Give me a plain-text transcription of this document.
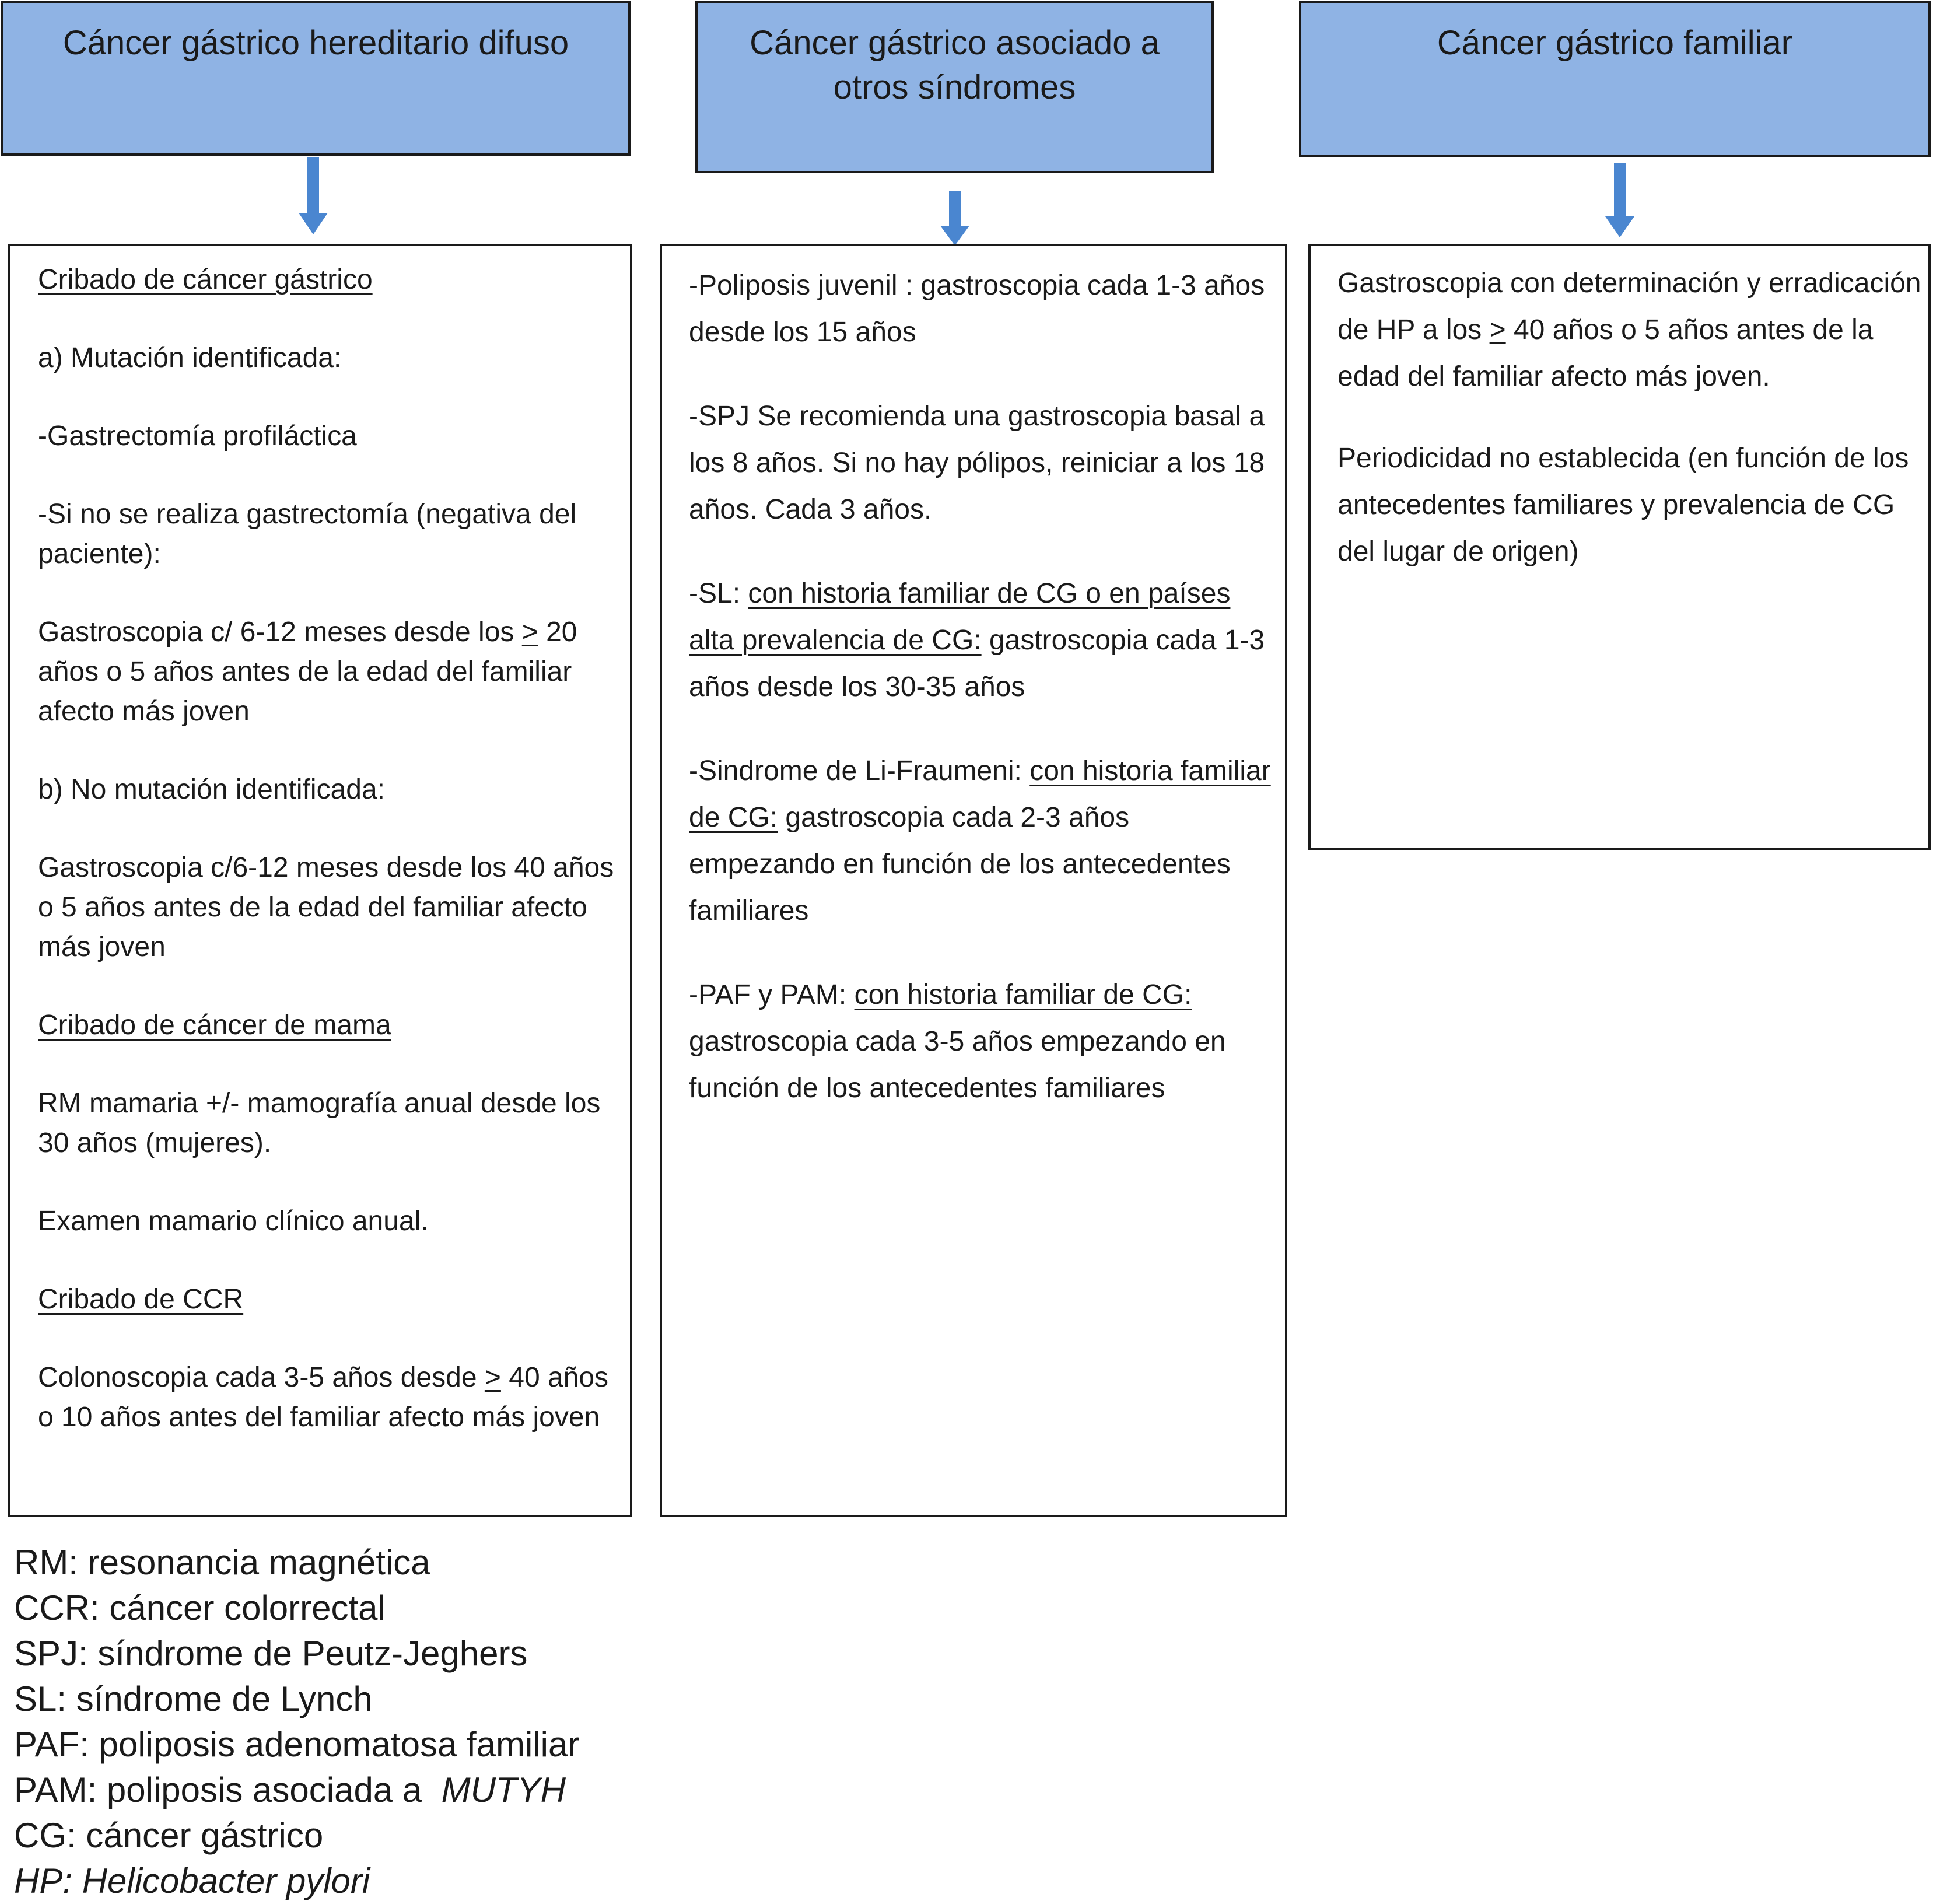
Cáncer gástrico hereditario difuso	Cáncer gástrico asociado a
otros síndromes
Cáncer gástrico familiar

Cribado de cáncer gástrico

a) Mutación identificada:

-Gastrectomía profiláctica

-Si no se realiza gastrectomía (negativa del paciente):

Gastroscopia c/ 6-12 meses desde los ≥ 20 años o 5 años antes de la edad del familiar afecto más joven

b) No mutación identificada:

Gastroscopia c/6-12 meses desde los 40 años o 5 años antes de la edad del familiar afecto más joven

Cribado de cáncer de mama

RM mamaria +/- mamografía anual desde los 30 años (mujeres).

Examen mamario clínico anual.

Cribado de CCR

Colonoscopia cada 3-5 años desde ≥ 40 años o 10 años antes del familiar afecto más joven

-Poliposis juvenil : gastroscopia cada 1-3 años desde los 15 años

-SPJ Se recomienda una gastroscopia basal a los 8 años. Si no hay pólipos, reiniciar a los 18 años. Cada 3 años.

-SL: con historia familiar de CG o en países alta prevalencia de CG: gastroscopia cada 1-3 años desde los 30-35 años

-Sindrome de Li-Fraumeni: con historia familiar de CG: gastroscopia cada 2-3 años empezando en función de los antecedentes familiares

-PAF y PAM: con historia familiar de CG: gastroscopia cada 3-5 años empezando en función de los antecedentes familiares

Gastroscopia con determinación y erradicación de HP a los ≥ 40 años o 5 años antes de la edad del familiar afecto más joven.

Periodicidad no establecida (en función de los antecedentes familiares y prevalencia de CG del lugar de origen)

RM: resonancia magnética
CCR: cáncer colorrectal
SPJ: síndrome de Peutz-Jeghers
SL: síndrome de Lynch
PAF: poliposis adenomatosa familiar
PAM: poliposis asociada a  MUTYH
CG: cáncer gástrico
HP: Helicobacter pylori
